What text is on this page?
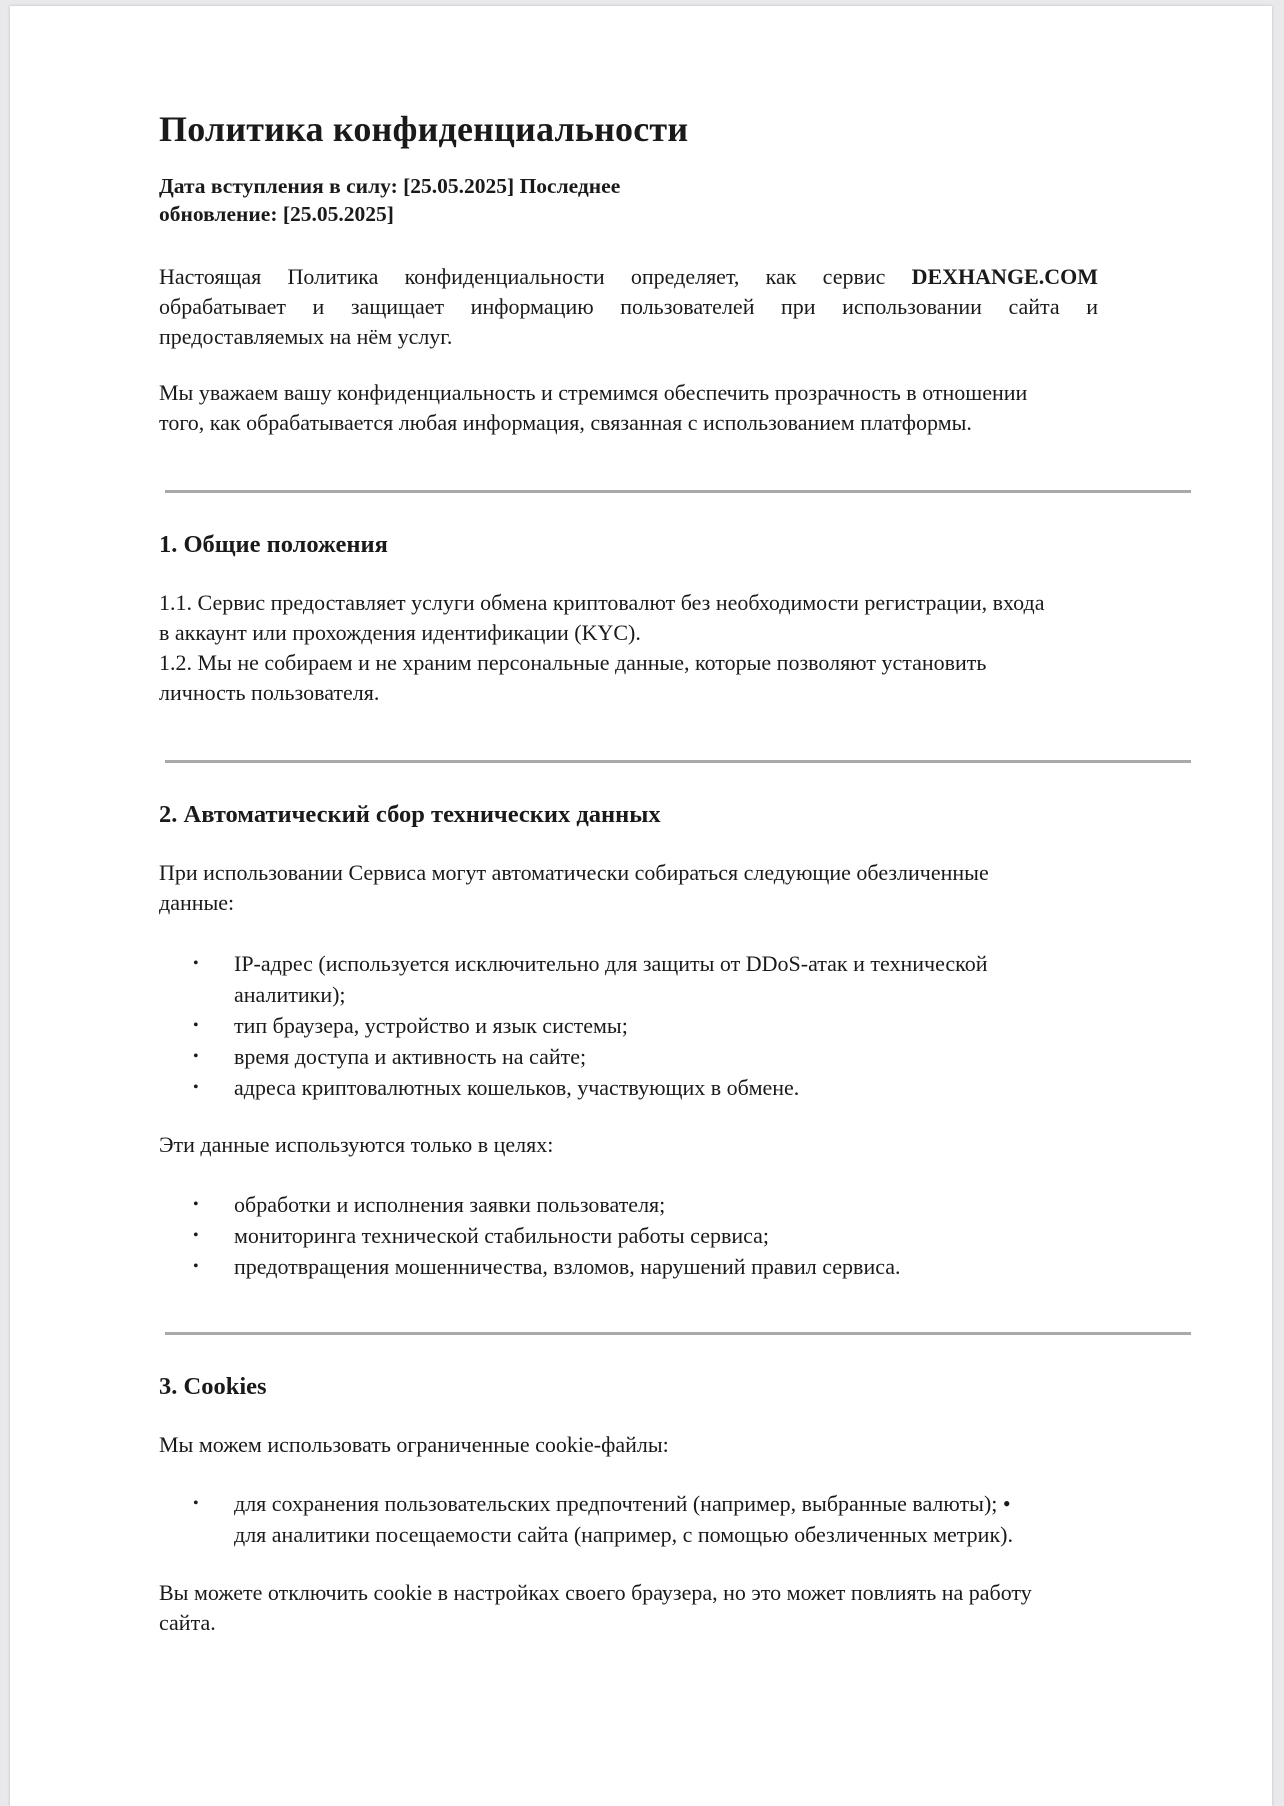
Политика конфиденциальности

Дата вступления в силу: [25.05.2025] Последнее

обновление: [25.05.2025]

Настоящая Политика конфиденциальности определяет, как сервис DEXHANGE.COM
обрабатывает и защищает информацию пользователей при использовании сайта и
предоставляемых на нём услуг.
Мы уважаем вашу конфиденциальность и стремимся обеспечить прозрачность в отношении
того, как обрабатывается любая информация, связанная с использованием платформы.
1. Общие положения
1.1. Сервис предоставляет услуги обмена криптовалют без необходимости регистрации, входа
в аккаунт или прохождения идентификации (KYC).
1.2. Мы не собираем и не храним персональные данные, которые позволяют установить
личность пользователя.
2. Автоматический сбор технических данных
При использовании Сервиса могут автоматически собираться следующие обезличенные
данные:
• IP-адрес (используется исключительно для защиты от DDoS-атак и технической
аналитики);
• тип браузера, устройство и язык системы;
• время доступа и активность на сайте;
• адреса криптовалютных кошельков, участвующих в обмене.

Эти данные используются только в целях:

• обработки и исполнения заявки пользователя;
• мониторинга технической стабильности работы сервиса;
• предотвращения мошенничества, взломов, нарушений правил сервиса.
3. Cookies

Мы можем использовать ограниченные cookie-файлы:

• для сохранения пользовательских предпочтений (например, выбранные валюты); •
для аналитики посещаемости сайта (например, с помощью обезличенных метрик).
Вы можете отключить cookie в настройках своего браузера, но это может повлиять на работу
сайта.
